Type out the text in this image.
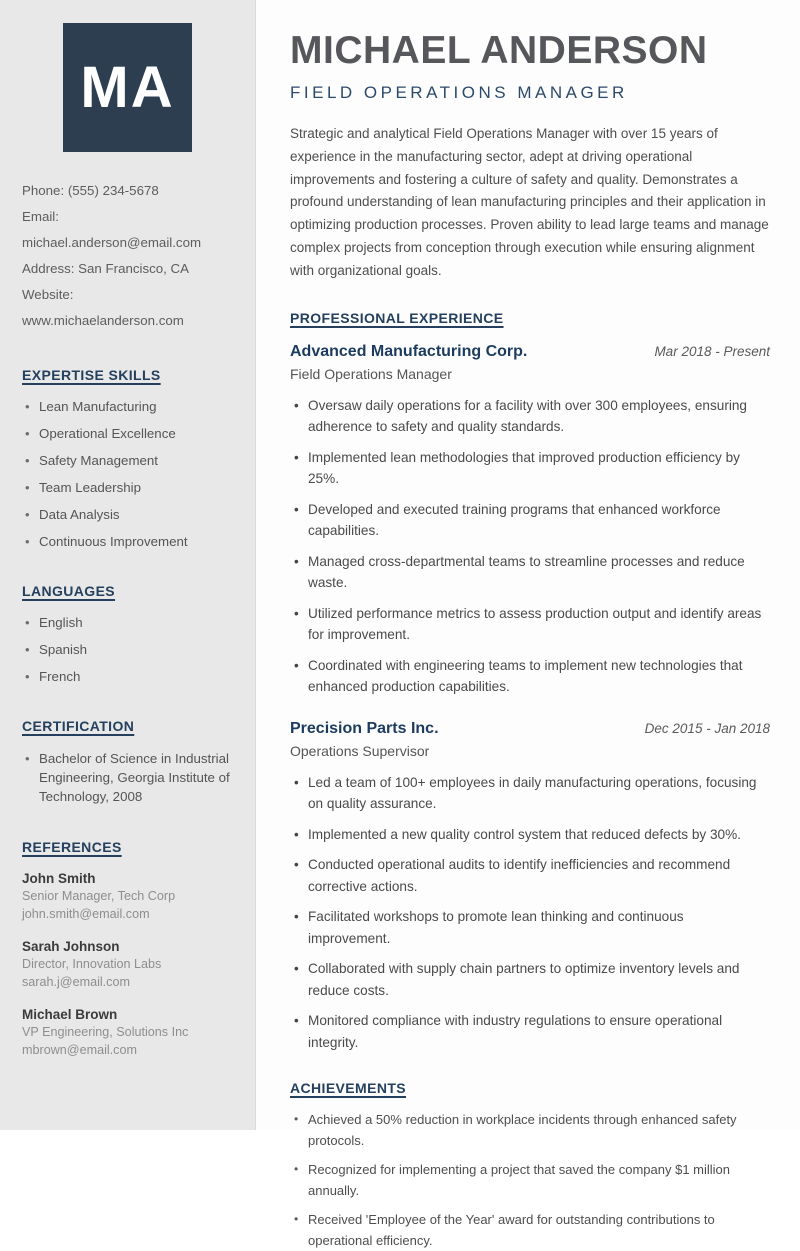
MA
Phone: (555) 234-5678
Email: michael.anderson@email.com
Address: San Francisco, CA
Website: www.michaelanderson.com
EXPERTISE SKILLS
• Lean Manufacturing
• Operational Excellence
• Safety Management
• Team Leadership
• Data Analysis
• Continuous Improvement
LANGUAGES
• English
• Spanish
• French
CERTIFICATION
• Bachelor of Science in Industrial Engineering, Georgia Institute of Technology, 2008
REFERENCES
John Smith
Senior Manager, Tech Corp
john.smith@email.com
Sarah Johnson
Director, Innovation Labs
sarah.j@email.com
Michael Brown
VP Engineering, Solutions Inc
mbrown@email.com
MICHAEL ANDERSON
FIELD OPERATIONS MANAGER

Strategic and analytical Field Operations Manager with over 15 years of experience in the manufacturing sector, adept at driving operational improvements and fostering a culture of safety and quality. Demonstrates a profound understanding of lean manufacturing principles and their application in optimizing production processes. Proven ability to lead large teams and manage complex projects from conception through execution while ensuring alignment with organizational goals.

PROFESSIONAL EXPERIENCE
Advanced Manufacturing Corp.	Mar 2018 - Present
Field Operations Manager
• Oversaw daily operations for a facility with over 300 employees, ensuring adherence to safety and quality standards.
• Implemented lean methodologies that improved production efficiency by 25%.
• Developed and executed training programs that enhanced workforce capabilities.
• Managed cross-departmental teams to streamline processes and reduce waste.
• Utilized performance metrics to assess production output and identify areas for improvement.
• Coordinated with engineering teams to implement new technologies that enhanced production capabilities.
Precision Parts Inc.	Dec 2015 - Jan 2018
Operations Supervisor
• Led a team of 100+ employees in daily manufacturing operations, focusing on quality assurance.
• Implemented a new quality control system that reduced defects by 30%.
• Conducted operational audits to identify inefficiencies and recommend corrective actions.
• Facilitated workshops to promote lean thinking and continuous improvement.
• Collaborated with supply chain partners to optimize inventory levels and reduce costs.
• Monitored compliance with industry regulations to ensure operational integrity.
ACHIEVEMENTS
• Achieved a 50% reduction in workplace incidents through enhanced safety protocols.
• Recognized for implementing a project that saved the company $1 million annually.
• Received 'Employee of the Year' award for outstanding contributions to operational efficiency.
